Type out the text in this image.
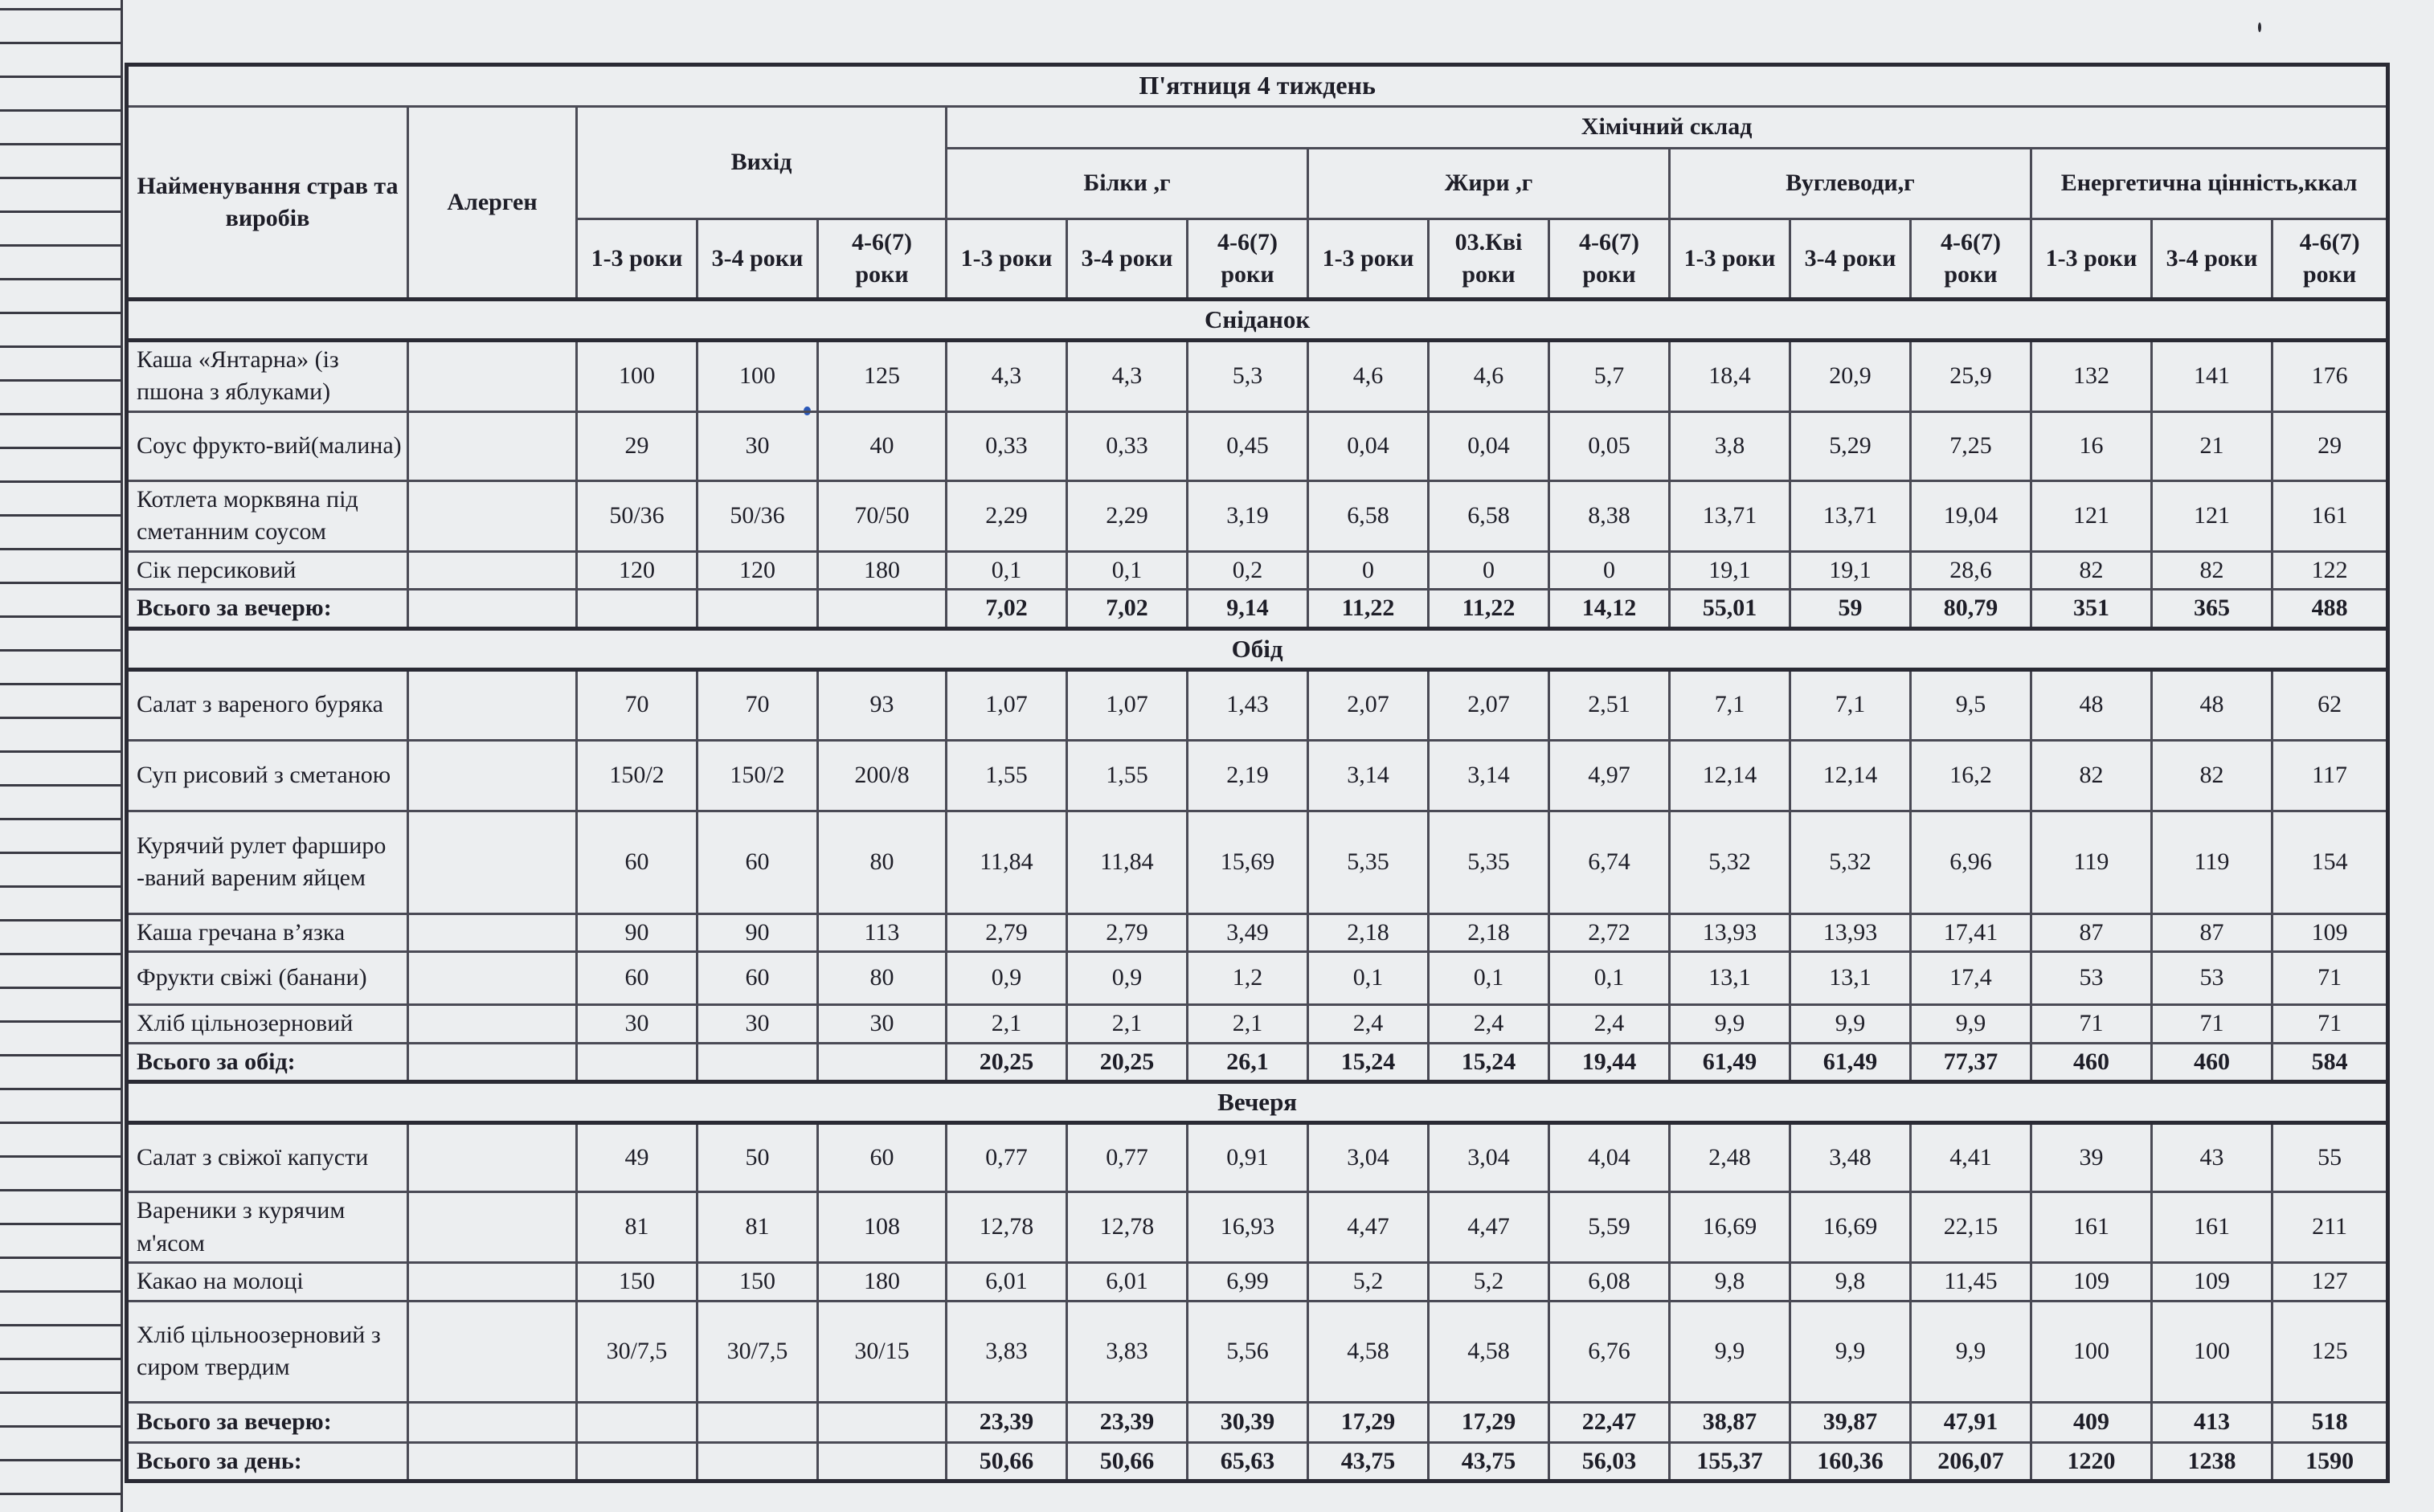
П'ятниця 4 тиждень																
Найменування страв та виробів	Алерген	Вихід			Хімічний склад											
					Білки ,г			Жири ,г			Вуглеводи,г			Енергетична цінність,ккал		
		1-3 роки	3-4 роки	4-6(7) роки	1-3 роки	3-4 роки	4-6(7) роки	1-3 роки	03.Кві роки	4-6(7) роки	1-3 роки	3-4 роки	4-6(7) роки	1-3 роки	3-4 роки	4-6(7) роки
Сніданок																
Каша «Янтарна» (із пшона з яблуками)		100	100	125	4,3	4,3	5,3	4,6	4,6	5,7	18,4	20,9	25,9	132	141	176
Соус фрукто-вий(малина)		29	30	40	0,33	0,33	0,45	0,04	0,04	0,05	3,8	5,29	7,25	16	21	29
Котлета морквяна під сметанним соусом		50/36	50/36	70/50	2,29	2,29	3,19	6,58	6,58	8,38	13,71	13,71	19,04	121	121	161
Сік персиковий		120	120	180	0,1	0,1	0,2	0	0	0	19,1	19,1	28,6	82	82	122
Всього за вечерю:					7,02	7,02	9,14	11,22	11,22	14,12	55,01	59	80,79	351	365	488
Обід																
Салат з вареного буряка		70	70	93	1,07	1,07	1,43	2,07	2,07	2,51	7,1	7,1	9,5	48	48	62
Суп рисовий з сметаною		150/2	150/2	200/8	1,55	1,55	2,19	3,14	3,14	4,97	12,14	12,14	16,2	82	82	117
Курячий рулет фарширо -ваний вареним яйцем		60	60	80	11,84	11,84	15,69	5,35	5,35	6,74	5,32	5,32	6,96	119	119	154
Каша гречана в’язка		90	90	113	2,79	2,79	3,49	2,18	2,18	2,72	13,93	13,93	17,41	87	87	109
Фрукти свіжі (банани)		60	60	80	0,9	0,9	1,2	0,1	0,1	0,1	13,1	13,1	17,4	53	53	71
Хліб цільнозерновий		30	30	30	2,1	2,1	2,1	2,4	2,4	2,4	9,9	9,9	9,9	71	71	71
Всього за обід:					20,25	20,25	26,1	15,24	15,24	19,44	61,49	61,49	77,37	460	460	584
Вечеря																
Салат з свіжої капусти		49	50	60	0,77	0,77	0,91	3,04	3,04	4,04	2,48	3,48	4,41	39	43	55
Вареники з курячим м'ясом		81	81	108	12,78	12,78	16,93	4,47	4,47	5,59	16,69	16,69	22,15	161	161	211
Какао на молоці		150	150	180	6,01	6,01	6,99	5,2	5,2	6,08	9,8	9,8	11,45	109	109	127
Хліб цільноозерновий з сиром твердим		30/7,5	30/7,5	30/15	3,83	3,83	5,56	4,58	4,58	6,76	9,9	9,9	9,9	100	100	125
Всього за вечерю:					23,39	23,39	30,39	17,29	17,29	22,47	38,87	39,87	47,91	409	413	518
Всього за день:					50,66	50,66	65,63	43,75	43,75	56,03	155,37	160,36	206,07	1220	1238	1590
